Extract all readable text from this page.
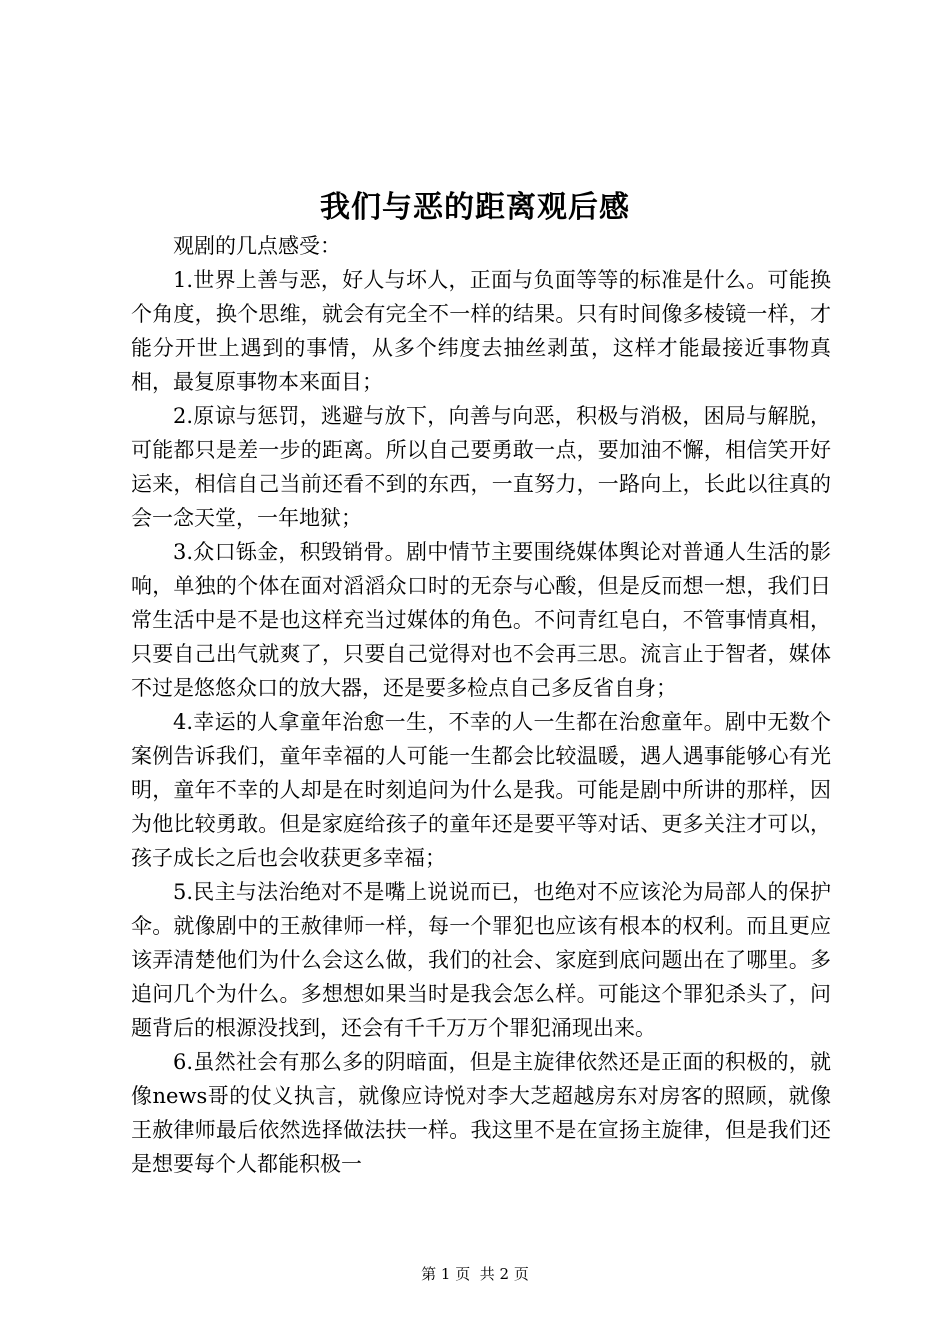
我们与恶的距离观后感

观剧的几点感受：

1.世界上善与恶，好人与坏人，正面与负面等等的标准是什么。可能换个角度，换个思维，就会有完全不一样的结果。只有时间像多棱镜一样，才能分开世上遇到的事情，从多个纬度去抽丝剥茧，这样才能最接近事物真相，最复原事物本来面目；

2.原谅与惩罚，逃避与放下，向善与向恶，积极与消极，困局与解脱，可能都只是差一步的距离。所以自己要勇敢一点，要加油不懈，相信笑开好运来，相信自己当前还看不到的东西，一直努力，一路向上，长此以往真的会一念天堂，一年地狱；

3.众口铄金，积毁销骨。剧中情节主要围绕媒体舆论对普通人生活的影响，单独的个体在面对滔滔众口时的无奈与心酸，但是反而想一想，我们日常生活中是不是也这样充当过媒体的角色。不问青红皂白，不管事情真相，只要自己出气就爽了，只要自己觉得对也不会再三思。流言止于智者，媒体不过是悠悠众口的放大器，还是要多检点自己多反省自身；

4.幸运的人拿童年治愈一生，不幸的人一生都在治愈童年。剧中无数个案例告诉我们，童年幸福的人可能一生都会比较温暖，遇人遇事能够心有光明，童年不幸的人却是在时刻追问为什么是我。可能是剧中所讲的那样，因为他比较勇敢。但是家庭给孩子的童年还是要平等对话、更多关注才可以，孩子成长之后也会收获更多幸福；

5.民主与法治绝对不是嘴上说说而已，也绝对不应该沦为局部人的保护伞。就像剧中的王赦律师一样，每一个罪犯也应该有根本的权利。而且更应该弄清楚他们为什么会这么做，我们的社会、家庭到底问题出在了哪里。多追问几个为什么。多想想如果当时是我会怎么样。可能这个罪犯杀头了，问题背后的根源没找到，还会有千千万万个罪犯涌现出来。

6.虽然社会有那么多的阴暗面，但是主旋律依然还是正面的积极的，就像news哥的仗义执言，就像应诗悦对李大芝超越房东对房客的照顾，就像王赦律师最后依然选择做法扶一样。我这里不是在宣扬主旋律，但是我们还是想要每个人都能积极一

第 1 页 共 2 页
